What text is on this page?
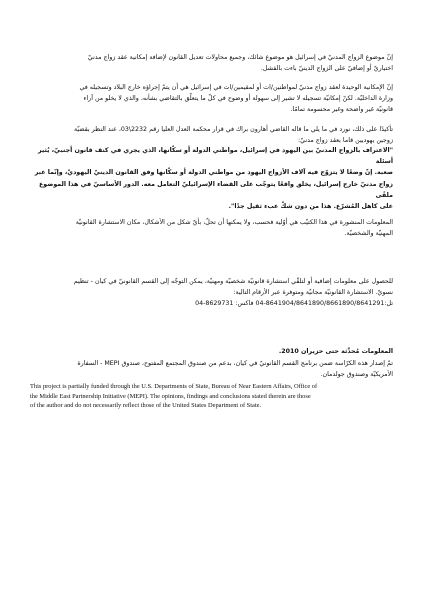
إنّ موضوع الزواج المدنيّ في إسرائيل هو موضوع شائك، وجميع محاولات تعديل القانون لإضافة إمكانية عقد زواج مدنيّ

اختياريّ أو إضافيّ على الزواج الدينيّ باءت بالفشل.

إنّ الإمكانية الوحيدة لعقد زواج مدنيّ لمواطنين/ات أو لمقيمين/ات في إسرائيل هي أن يتمّ إجراؤه خارج البلاد وتسجيله في

وزارة الداخليّة. لكنّ إمكانيّة تسجيله لا تشير إلى سهولة أو وضوح في كلّ ما يتعلّق بالتقاضي بشأنه، والذي لا يخلو من آراء

قانونيّة غير واضحة وغير محسومة تمامًا.

تأكيدًا على ذلك، نورد في ما يلي ما قاله القاضي أهارون براك في قرار محكمة العدل العليا رقم 2232\03، عند النظر بقضيّة

زوجين يهوديين قاما بعقد زواج مدنيّ:

"الاعتراف بالزواج المدنيّ بين اليهود في إسرائيل، مواطني الدولة أو سكّانها، الذي يجري في كنف قانون أجنبيّ، يُثير أسئلة

صعبة. إنّ وضعًا لا يتزوّج فيه آلاف الأزواج اليهود من مواطني الدولة أو سكّانها وفق القانون الدينيّ اليهوديّ، وإنّما عبر

زواج مدنيّ خارج إسرائيل، يخلق واقعًا يتوجّب على القضاء الإسرائيليّ التعامل معه. الدور الأساسيّ في هذا الموضوع ملقًى

على كاهل المُشرّع. هذا من دون شكّ عبء ثقيل جدًا".

المعلومات المنشورة في هذا الكتيّب هي أوّلية فحسب، ولا يمكنها أن تحلّ، بأيّ شكل من الأشكال، مكان الاستشارة القانونيّة

المهنيّة والشخصيّة.

للحصول على معلومات إضافية أو لتلقّي استشارة قانونيّة شخصيّة ومهنيّة، يمكن التوجّه إلى القسم القانونيّ في كيان - تنظيم

نسويّ. الاستشارة القانونيّة مجانيّة ومتوفرة عبر الأرقام التالية:

تل:8641904/8641890/8661890/8641291-04 فاكس: 8629731-04

المعلومات مُحدَّثة حتى حزيران 2010.

تمّ إصدار هذه الكرّاسة ضمن برنامج القسم القانونيّ في كيان، بدعم من صندوق المجتمع المفتوح، صندوق MEPI - السفارة

الأمريكيّة وصندوق جولدمان.

This project is partially funded through the U.S. Departments of State, Bureau of Near Eastern Affairs, Office of

the Middle East Partnership Initiative (MEPI). The opinions, findings and conclusions stated therein are those

of the author and do not necessarily reflect those of the United States Department of State.
